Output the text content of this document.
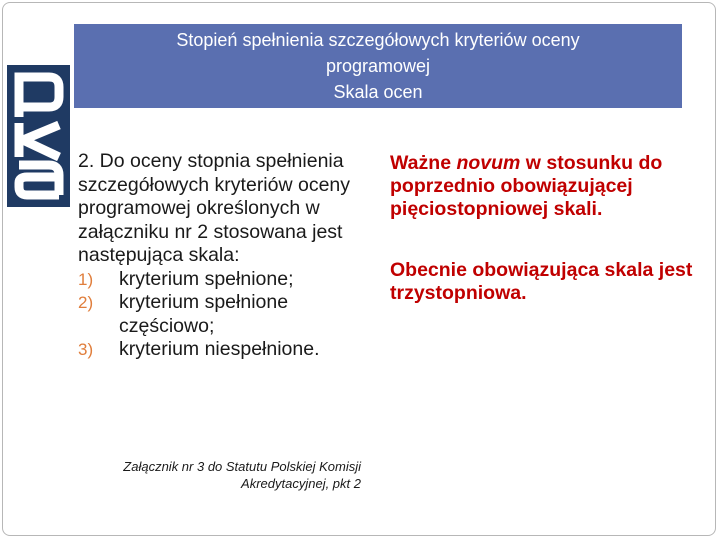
Stopień spełnienia szczegółowych kryteriów oceny
programowej
Skala ocen

2. Do oceny stopnia spełnienia szczegółowych kryteriów oceny programowej określonych w załączniku nr 2 stosowana jest następująca skala:

1)	kryterium spełnione;
2)	kryterium spełnione częściowo;
3)	kryterium niespełnione.
Załącznik nr 3 do Statutu Polskiej Komisji Akredytacyjnej, pkt 2

Ważne novum w stosunku do poprzednio obowiązującej pięciostopniowej skali.

Obecnie obowiązująca skala jest trzystopniowa.
